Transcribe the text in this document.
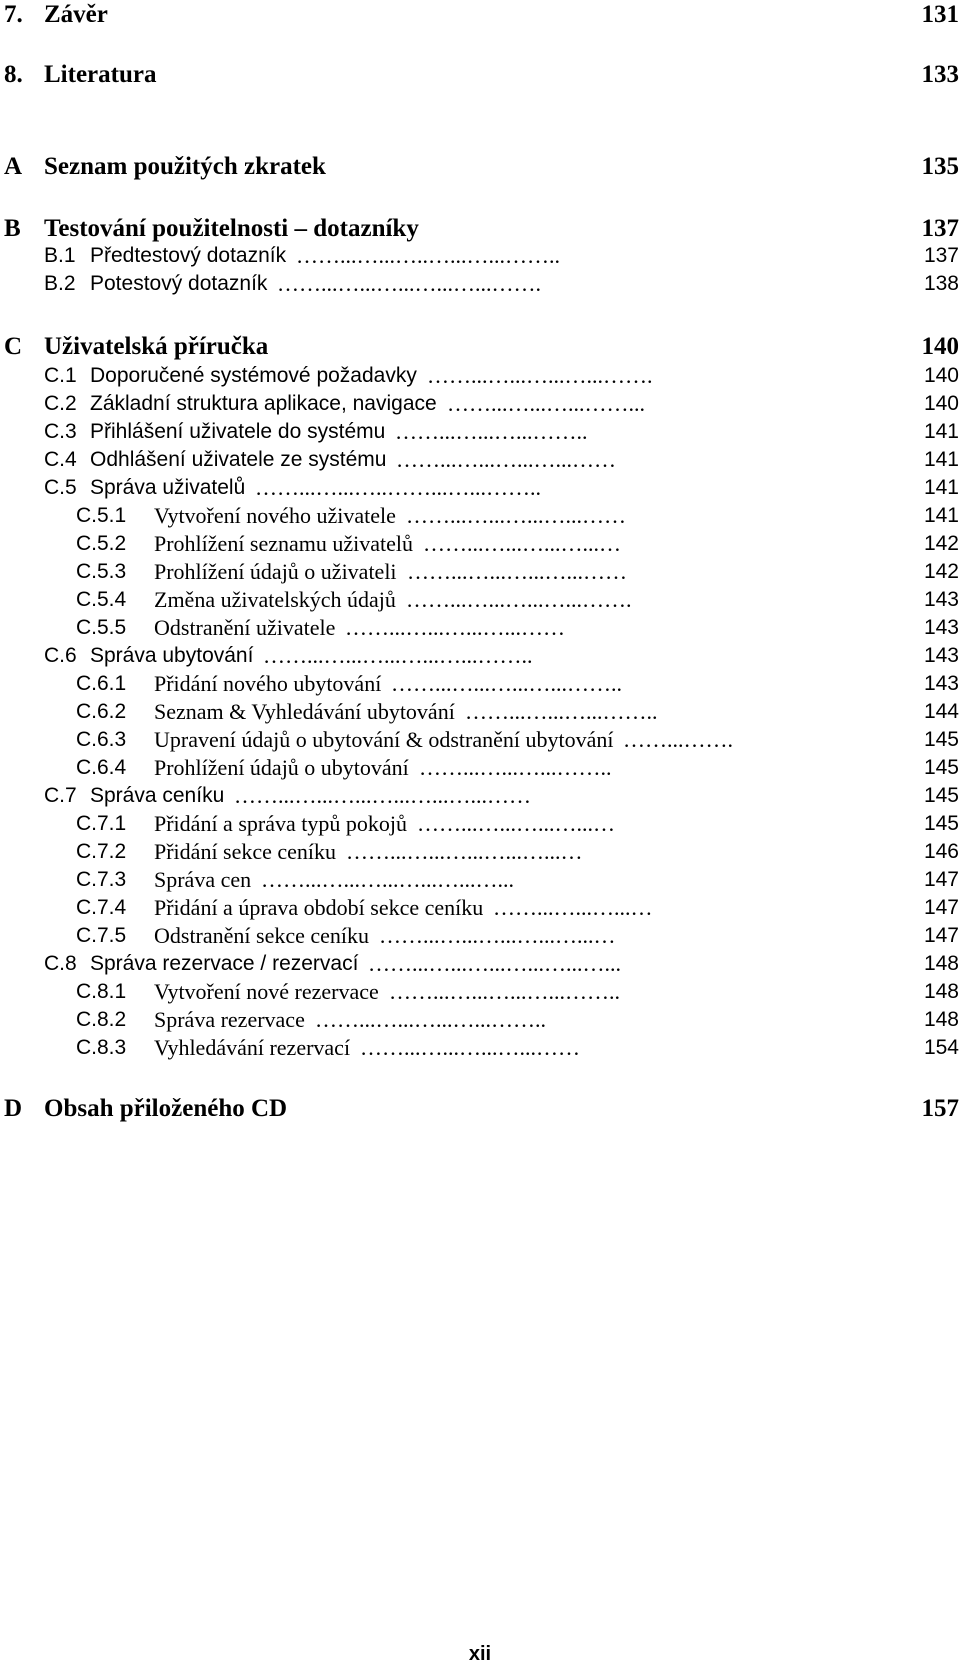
7. Závěr	131
8. Literatura	133
A Seznam použitých zkratek	135
B Testování použitelnosti – dotazníky	137
B.1 Předtestový dotazník ……...…...…..…...…...……..	137
B.2 Potestový dotazník ……...…...…...…...…...…….	138
C Uživatelská příručka	140
C.1 Doporučené systémové požadavky ……...…...…...…...…….	140
C.2 Základní struktura aplikace, navigace ……...…...…...……...	140
C.3 Přihlášení uživatele do systému ……...…...…...……..	141
C.4 Odhlášení uživatele ze systému ……...…...…...…...……	141
C.5 Správa uživatelů ……...…...…..……...…...……..	141
C.5.1 Vytvoření nového uživatele ……...…...…...…...……	141
C.5.2 Prohlížení seznamu uživatelů ……...…...…...…...…	142
C.5.3 Prohlížení údajů o uživateli ……...…...…...…...……	142
C.5.4 Změna uživatelských údajů ……...…...…...…...…….	143
C.5.5 Odstranění uživatele ……...…...…...…...……	143
C.6 Správa ubytování ……...…...…...…...…...……..	143
C.6.1 Přidání nového ubytování ……...…...…...…...……..	143
C.6.2 Seznam & Vyhledávání ubytování ……...…...…...……..	144
C.6.3 Upravení údajů o ubytování & odstranění ubytování ……...…….	145
C.6.4 Prohlížení údajů o ubytování ……...…...…...……..	145
C.7 Správa ceníku ……...…...…...…...…...…...……	145
C.7.1 Přidání a správa typů pokojů ……...…...…...…...…	145
C.7.2 Přidání sekce ceníku ……...…...…...…...…...…	146
C.7.3 Správa cen ……...…...…...…...…...…...	147
C.7.4 Přidání a úprava období sekce ceníku ……...…...…...…	147
C.7.5 Odstranění sekce ceníku ……...…...…...…...…...…	147
C.8 Správa rezervace / rezervací ……...…...…...…...…...…...	148
C.8.1 Vytvoření nové rezervace ……...…...…...…...……..	148
C.8.2 Správa rezervace ……...…...…...…...……..	148
C.8.3 Vyhledávání rezervací ……...…...…...…...……	154
D Obsah přiloženého CD	157
xii
